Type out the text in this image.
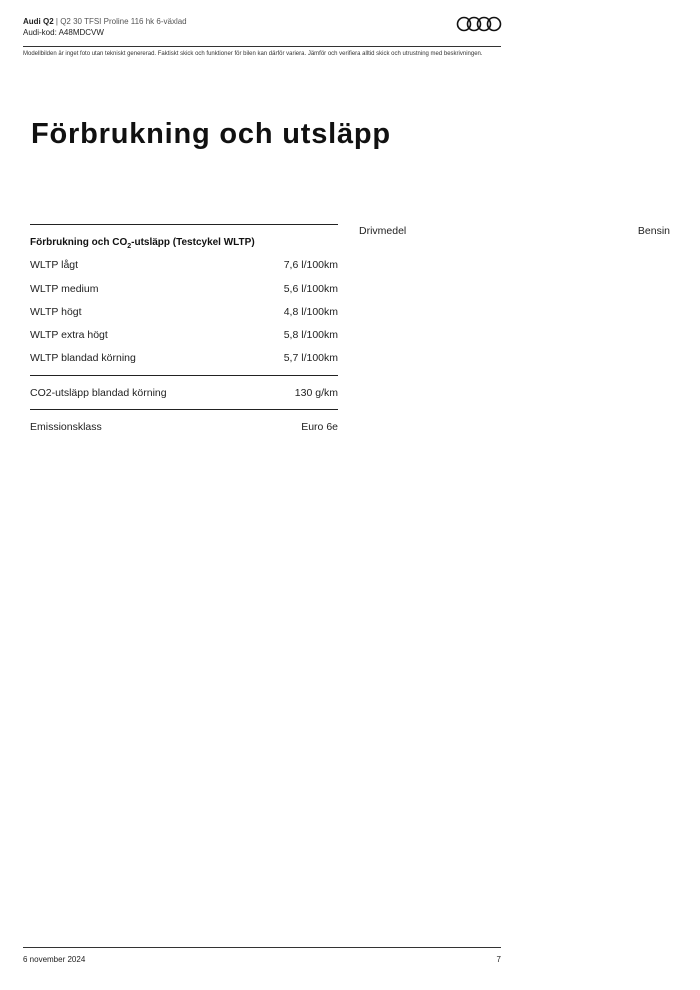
Audi Q2 | Q2 30 TFSI Proline 116 hk 6-växlad
Audi-kod: A48MDCVW
Modellbilden är inget foto utan tekniskt genererad. Faktiskt skick och funktioner för bilen kan därför variera. Jämför och verifiera alltid skick och utrustning med beskrivningen.
Förbrukning och utsläpp
Förbrukning och $CO_2$-utsläpp (Testcykel WLTP)
WLTP lågt	7,6 l/100km
WLTP medium	5,6 l/100km
WLTP högt	4,8 l/100km
WLTP extra högt	5,8 l/100km
WLTP blandad körning	5,7 l/100km
CO2-utsläpp blandad körning	130 g/km
Emissionsklass	Euro 6e
Drivmedel	Bensin
6 november 2024	7
